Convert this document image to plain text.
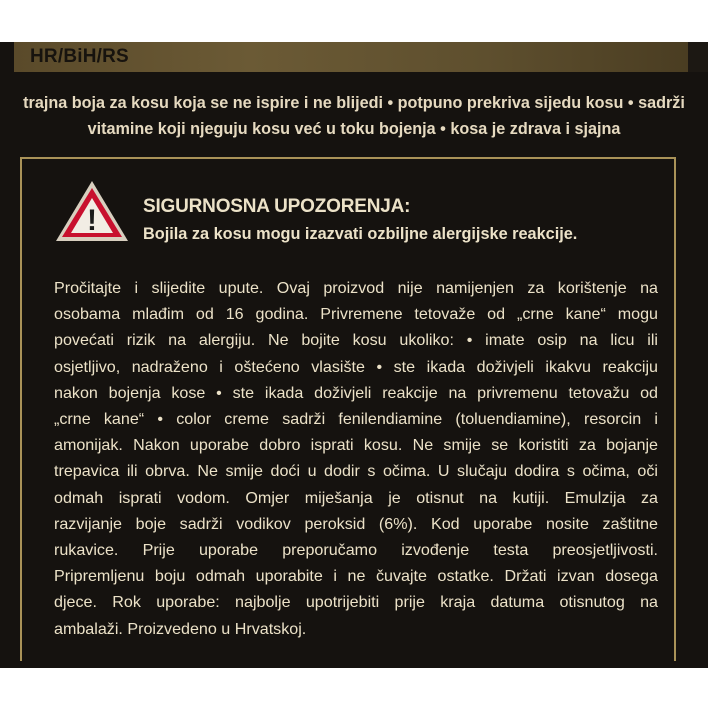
HR/BiH/RS
trajna boja za kosu koja se ne ispire i ne blijedi • potpuno prekriva sijedu kosu • sadrži
vitamine koji njeguju kosu već u toku bojenja • kosa je zdrava i sjajna
! SIGURNOSNA UPOZORENJA:
Bojila za kosu mogu izazvati ozbiljne alergijske reakcije.
Pročitajte i slijedite upute. Ovaj proizvod nije namijenjen za korištenje na
osobama mlađim od 16 godina. Privremene tetovaže od „crne kane“ mogu
povećati rizik na alergiju. Ne bojite kosu ukoliko: • imate osip na licu ili
osjetljivo, nadraženo i oštećeno vlasište • ste ikada doživjeli ikakvu reakciju
nakon bojenja kose • ste ikada doživjeli reakcije na privremenu tetovažu od
„crne kane“ • color creme sadrži fenilendiamine (toluendiamine), resorcin i
amonijak. Nakon uporabe dobro isprati kosu. Ne smije se koristiti za bojanje
trepavica ili obrva. Ne smije doći u dodir s očima. U slučaju dodira s očima, oči
odmah isprati vodom. Omjer miješanja je otisnut na kutiji. Emulzija za
razvijanje boje sadrži vodikov peroksid (6%). Kod uporabe nosite zaštitne
rukavice. Prije uporabe preporučamo izvođenje testa preosjetljivosti.
Pripremljenu boju odmah uporabite i ne čuvajte ostatke. Držati izvan dosega
djece. Rok uporabe: najbolje upotrijebiti prije kraja datuma otisnutog na
ambalaži. Proizvedeno u Hrvatskoj.
